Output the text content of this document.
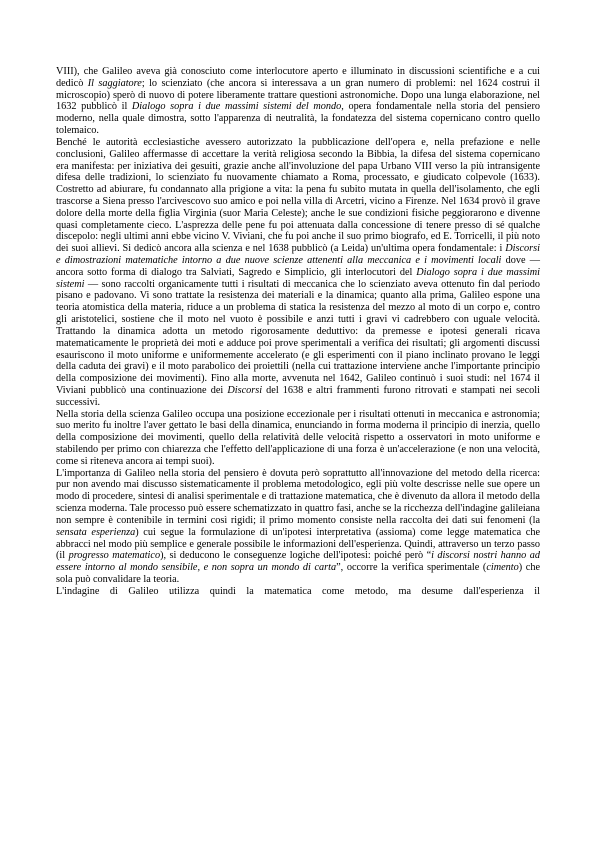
VIII), che Galileo aveva già conosciuto come interlocutore aperto e illuminato in discussioni scientifiche e a cui dedicò Il saggiatore; lo scienziato (che ancora si interessava a un gran numero di problemi: nel 1624 costruì il microscopio) sperò di nuovo di potere liberamente trattare questioni astronomiche. Dopo una lunga elaborazione, nel 1632 pubblicò il Dialogo sopra i due massimi sistemi del mondo, opera fondamentale nella storia del pensiero moderno, nella quale dimostra, sotto l'apparenza di neutralità, la fondatezza del sistema copernicano contro quello tolemaico.

Benché le autorità ecclesiastiche avessero autorizzato la pubblicazione dell'opera e, nella prefazione e nelle conclusioni, Galileo affermasse di accettare la verità religiosa secondo la Bibbia, la difesa del sistema copernicano era manifesta: per iniziativa dei gesuiti, grazie anche all'involuzione del papa Urbano VIII verso la più intransigente difesa delle tradizioni, lo scienziato fu nuovamente chiamato a Roma, processato, e giudicato colpevole (1633). Costretto ad abiurare, fu condannato alla prigione a vita: la pena fu subito mutata in quella dell'isolamento, che egli trascorse a Siena presso l'arcivescovo suo amico e poi nella villa di Arcetri, vicino a Firenze. Nel 1634 provò il grave dolore della morte della figlia Virginia (suor Maria Celeste); anche le sue condizioni fisiche peggiorarono e divenne quasi completamente cieco. L'asprezza delle pene fu poi attenuata dalla concessione di tenere presso di sé qualche discepolo: negli ultimi anni ebbe vicino V. Viviani, che fu poi anche il suo primo biografo, ed E. Torricelli, il più noto dei suoi allievi. Si dedicò ancora alla scienza e nel 1638 pubblicò (a Leida) un'ultima opera fondamentale: i Discorsi e dimostrazioni matematiche intorno a due nuove scienze attenenti alla meccanica e i movimenti locali dove — ancora sotto forma di dialogo tra Salviati, Sagredo e Simplicio, gli interlocutori del Dialogo sopra i due massimi sistemi — sono raccolti organicamente tutti i risultati di meccanica che lo scienziato aveva ottenuto fin dal periodo pisano e padovano. Vi sono trattate la resistenza dei materiali e la dinamica; quanto alla prima, Galileo espone una teoria atomistica della materia, riduce a un problema di statica la resistenza del mezzo al moto di un corpo e, contro gli aristotelici, sostiene che il moto nel vuoto è possibile e anzi tutti i gravi vi cadrebbero con uguale velocità. Trattando la dinamica adotta un metodo rigorosamente deduttivo: da premesse e ipotesi generali ricava matematicamente le proprietà dei moti e adduce poi prove sperimentali a verifica dei risultati; gli argomenti discussi esauriscono il moto uniforme e uniformemente accelerato (e gli esperimenti con il piano inclinato provano le leggi della caduta dei gravi) e il moto parabolico dei proiettili (nella cui trattazione interviene anche l'importante principio della composizione dei movimenti). Fino alla morte, avvenuta nel 1642, Galileo continuò i suoi studi: nel 1674 il Viviani pubblicò una continuazione dei Discorsi del 1638 e altri frammenti furono ritrovati e stampati nei secoli successivi.

Nella storia della scienza Galileo occupa una posizione eccezionale per i risultati ottenuti in meccanica e astronomia; suo merito fu inoltre l'aver gettato le basi della dinamica, enunciando in forma moderna il principio di inerzia, quello della composizione dei movimenti, quello della relatività delle velocità rispetto a osservatori in moto uniforme e stabilendo per primo con chiarezza che l'effetto dell'applicazione di una forza è un'accelerazione (e non una velocità, come si riteneva ancora ai tempi suoi).

L'importanza di Galileo nella storia del pensiero è dovuta però soprattutto all'innovazione del metodo della ricerca: pur non avendo mai discusso sistematicamente il problema metodologico, egli più volte descrisse nelle sue opere un modo di procedere, sintesi di analisi sperimentale e di trattazione matematica, che è divenuto da allora il metodo della scienza moderna. Tale processo può essere schematizzato in quattro fasi, anche se la ricchezza dell'indagine galileiana non sempre è contenibile in termini così rigidi; il primo momento consiste nella raccolta dei dati sui fenomeni (la sensata esperienza) cui segue la formulazione di un'ipotesi interpretativa (assioma) come legge matematica che abbracci nel modo più semplice e generale possibile le informazioni dell'esperienza. Quindi, attraverso un terzo passo (il progresso matematico), si deducono le conseguenze logiche dell'ipotesi: poiché però “i discorsi nostri hanno ad essere intorno al mondo sensibile, e non sopra un mondo di carta”, occorre la verifica sperimentale (cimento) che sola può convalidare la teoria.

L'indagine di Galileo utilizza quindi la matematica come metodo, ma desume dall'esperienza il
